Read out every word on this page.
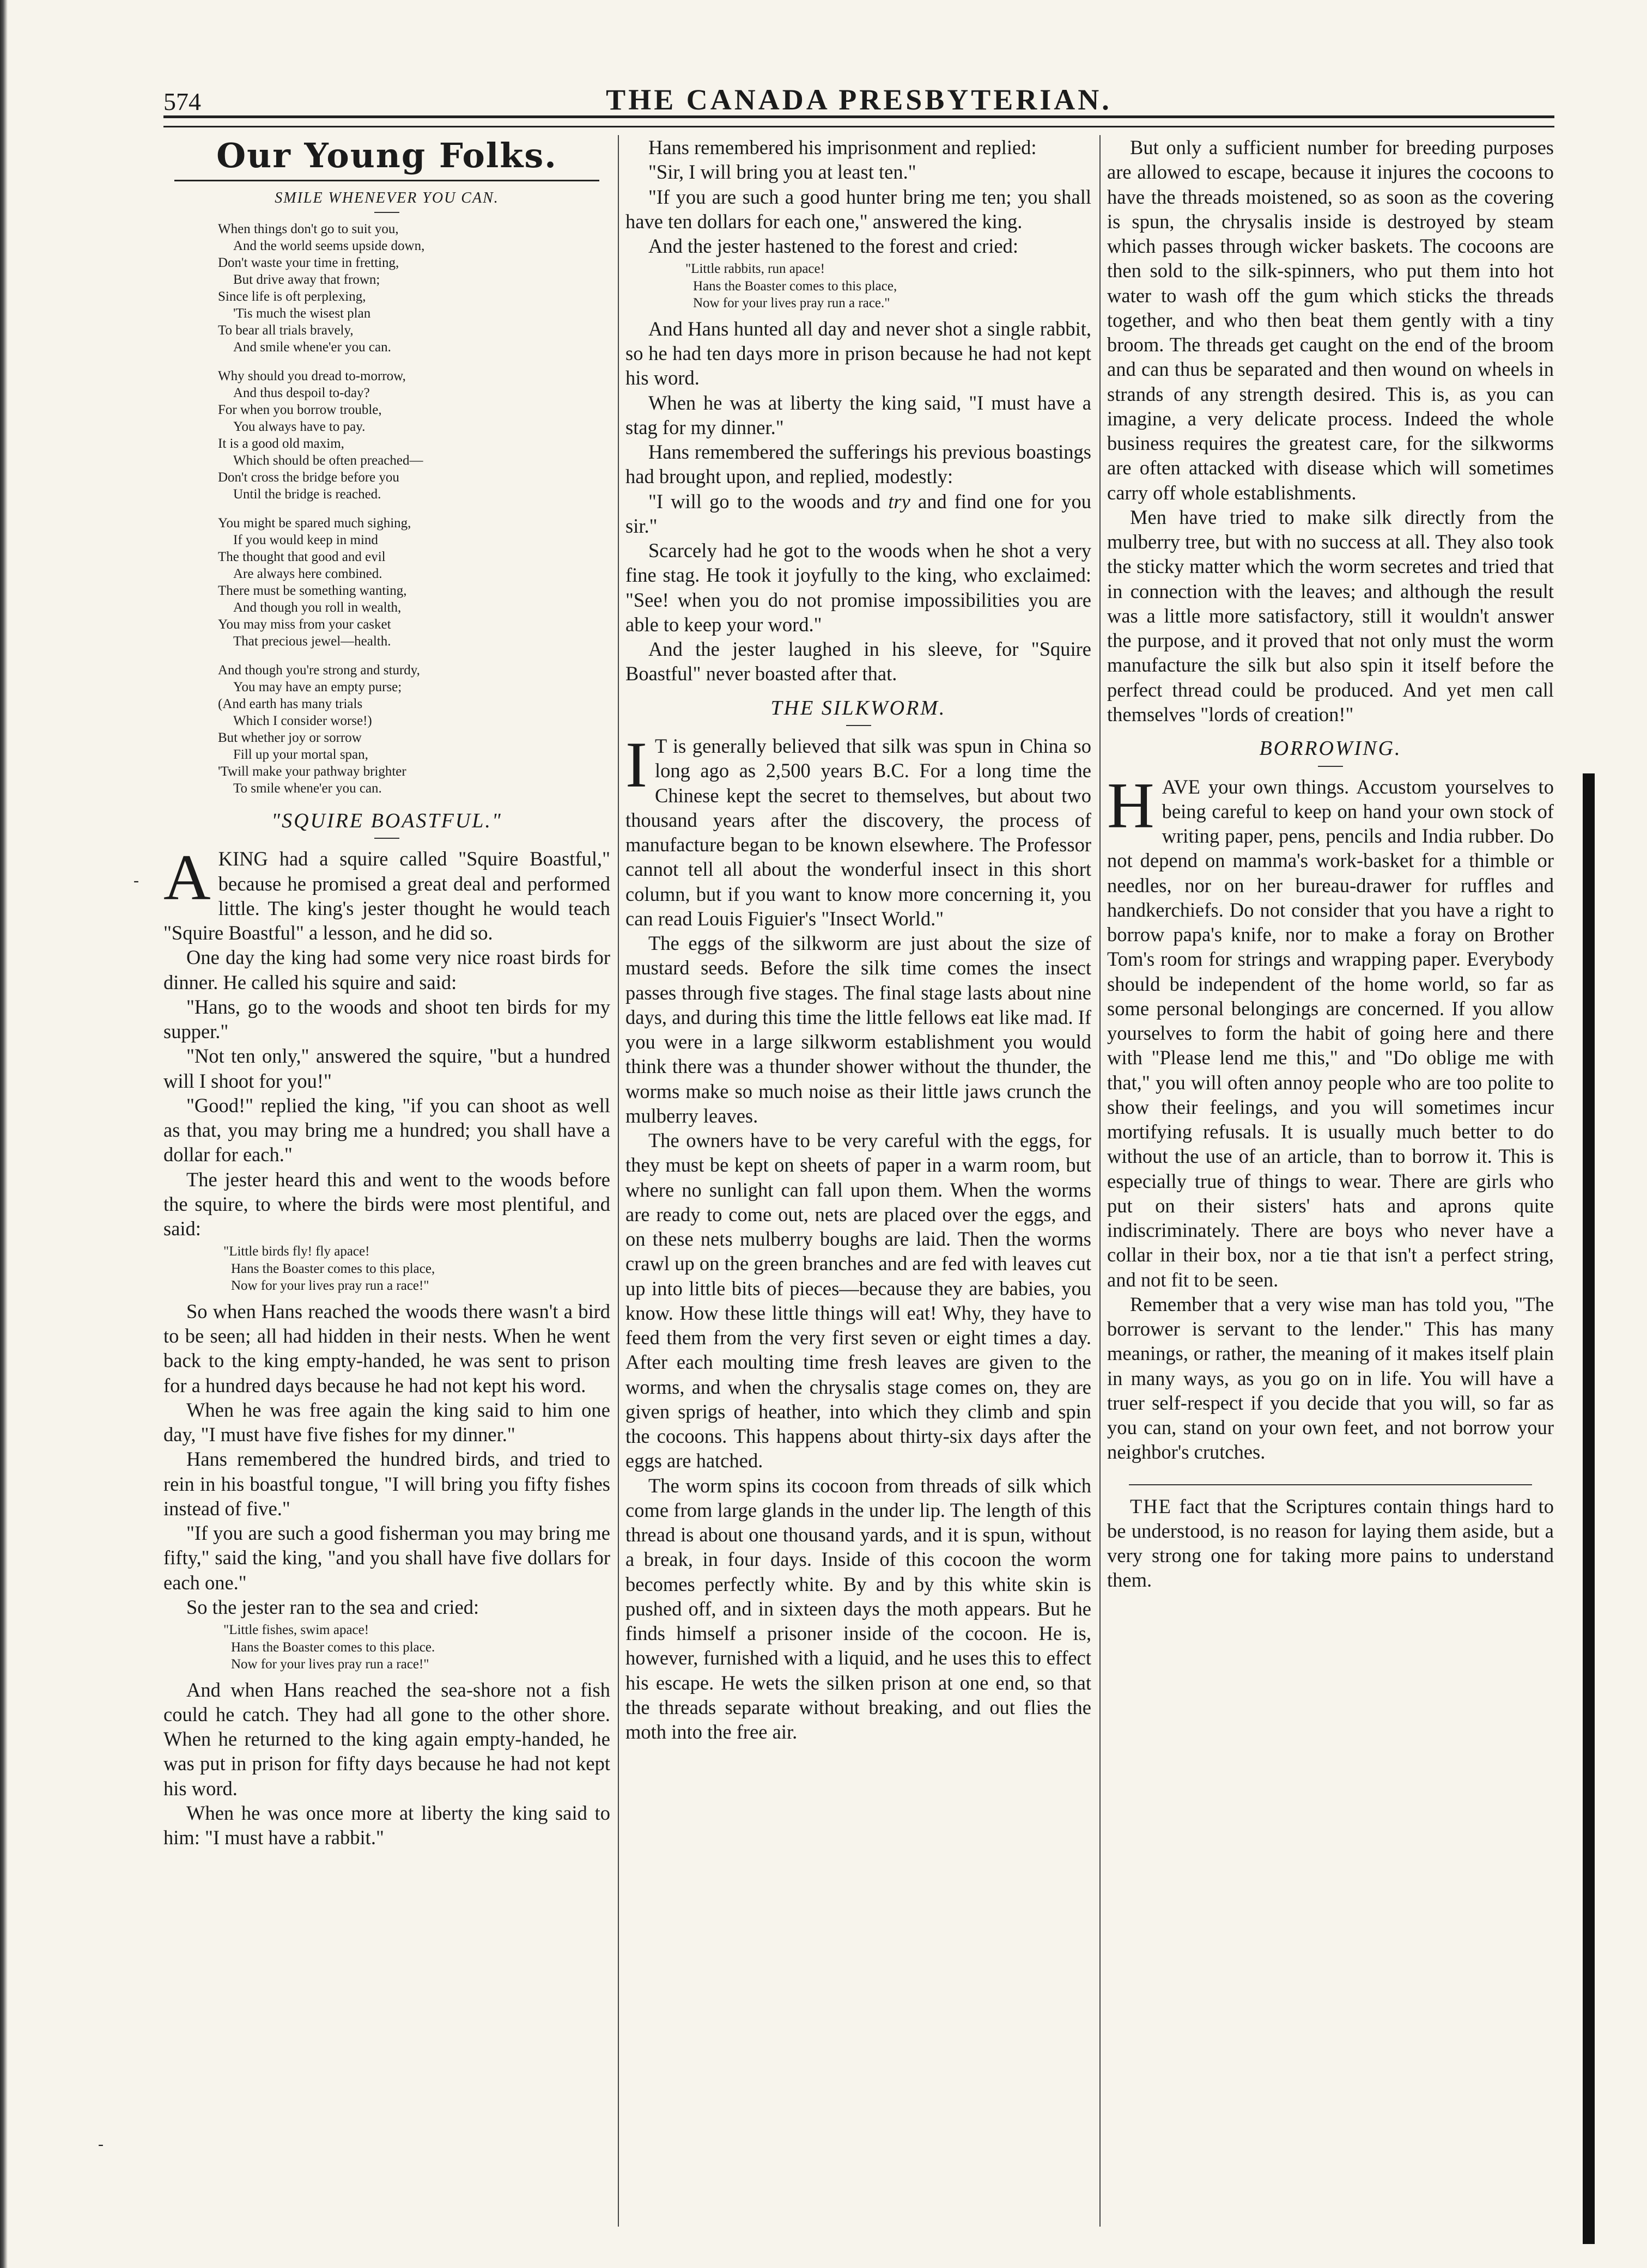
574	THE CANADA PRESBYTERIAN.
Our Young Folks.
SMILE WHENEVER YOU CAN.
When things don't go to suit you,
And the world seems upside down,
Don't waste your time in fretting,
But drive away that frown;
Since life is oft perplexing,
'Tis much the wisest plan
To bear all trials bravely,
And smile whene'er you can.
Why should you dread to-morrow,
And thus despoil to-day?
For when you borrow trouble,
You always have to pay.
It is a good old maxim,
Which should be often preached—
Don't cross the bridge before you
Until the bridge is reached.
You might be spared much sighing,
If you would keep in mind
The thought that good and evil
Are always here combined.
There must be something wanting,
And though you roll in wealth,
You may miss from your casket
That precious jewel—health.
And though you're strong and sturdy,
You may have an empty purse;
(And earth has many trials
Which I consider worse!)
But whether joy or sorrow
Fill up your mortal span,
'Twill make your pathway brighter
To smile whene'er you can.
"SQUIRE BOASTFUL."

AKING had a squire called "Squire Boastful," because he promised a great deal and performed little. The king's jester thought he would teach "Squire Boastful" a lesson, and he did so.

One day the king had some very nice roast birds for dinner. He called his squire and said:

"Hans, go to the woods and shoot ten birds for my supper."

"Not ten only," answered the squire, "but a hundred will I shoot for you!"

"Good!" replied the king, "if you can shoot as well as that, you may bring me a hundred; you shall have a dollar for each."

The jester heard this and went to the woods before the squire, to where the birds were most plentiful, and said:

"Little birds fly! fly apace!
Hans the Boaster comes to this place,
Now for your lives pray run a race!"

So when Hans reached the woods there wasn't a bird to be seen; all had hidden in their nests. When he went back to the king empty-handed, he was sent to prison for a hundred days because he had not kept his word.

When he was free again the king said to him one day, "I must have five fishes for my dinner."

Hans remembered the hundred birds, and tried to rein in his boastful tongue, "I will bring you fifty fishes instead of five."

"If you are such a good fisherman you may bring me fifty," said the king, "and you shall have five dollars for each one."

So the jester ran to the sea and cried:

"Little fishes, swim apace!
Hans the Boaster comes to this place.
Now for your lives pray run a race!"

And when Hans reached the sea-shore not a fish could he catch. They had all gone to the other shore. When he returned to the king again empty-handed, he was put in prison for fifty days because he had not kept his word.

When he was once more at liberty the king said to him: "I must have a rabbit."

Hans remembered his imprisonment and replied:

"Sir, I will bring you at least ten."

"If you are such a good hunter bring me ten; you shall have ten dollars for each one," answered the king.

And the jester hastened to the forest and cried:

"Little rabbits, run apace!
Hans the Boaster comes to this place,
Now for your lives pray run a race."

And Hans hunted all day and never shot a single rabbit, so he had ten days more in prison because he had not kept his word.

When he was at liberty the king said, "I must have a stag for my dinner."

Hans remembered the sufferings his previous boastings had brought upon, and replied, modestly:

"I will go to the woods and try and find one for you sir."

Scarcely had he got to the woods when he shot a very fine stag. He took it joyfully to the king, who exclaimed: "See! when you do not promise impossibilities you are able to keep your word."

And the jester laughed in his sleeve, for "Squire Boastful" never boasted after that.

THE SILKWORM.

I T is generally believed that silk was spun in China so long ago as 2,500 years B.C. For a long time the Chinese kept the secret to themselves, but about two thousand years after the discovery, the process of manufacture began to be known elsewhere. The Professor cannot tell all about the wonderful insect in this short column, but if you want to know more concerning it, you can read Louis Figuier's "Insect World."

The eggs of the silkworm are just about the size of mustard seeds. Before the silk time comes the insect passes through five stages. The final stage lasts about nine days, and during this time the little fellows eat like mad. If you were in a large silkworm establishment you would think there was a thunder shower without the thunder, the worms make so much noise as their little jaws crunch the mulberry leaves.

The owners have to be very careful with the eggs, for they must be kept on sheets of paper in a warm room, but where no sunlight can fall upon them. When the worms are ready to come out, nets are placed over the eggs, and on these nets mulberry boughs are laid. Then the worms crawl up on the green branches and are fed with leaves cut up into little bits of pieces—because they are babies, you know. How these little things will eat! Why, they have to feed them from the very first seven or eight times a day. After each moulting time fresh leaves are given to the worms, and when the chrysalis stage comes on, they are given sprigs of heather, into which they climb and spin the cocoons. This happens about thirty-six days after the eggs are hatched.

The worm spins its cocoon from threads of silk which come from large glands in the under lip. The length of this thread is about one thousand yards, and it is spun, without a break, in four days. Inside of this cocoon the worm becomes perfectly white. By and by this white skin is pushed off, and in sixteen days the moth appears. But he finds himself a prisoner inside of the cocoon. He is, however, furnished with a liquid, and he uses this to effect his escape. He wets the silken prison at one end, so that the threads separate without breaking, and out flies the moth into the free air.

But only a sufficient number for breeding purposes are allowed to escape, because it injures the cocoons to have the threads moistened, so as soon as the covering is spun, the chrysalis inside is destroyed by steam which passes through wicker baskets. The cocoons are then sold to the silk-spinners, who put them into hot water to wash off the gum which sticks the threads together, and who then beat them gently with a tiny broom. The threads get caught on the end of the broom and can thus be separated and then wound on wheels in strands of any strength desired. This is, as you can imagine, a very delicate process. Indeed the whole business requires the greatest care, for the silkworms are often attacked with disease which will sometimes carry off whole establishments.

Men have tried to make silk directly from the mulberry tree, but with no success at all. They also took the sticky matter which the worm secretes and tried that in connection with the leaves; and although the result was a little more satisfactory, still it wouldn't answer the purpose, and it proved that not only must the worm manufacture the silk but also spin it itself before the perfect thread could be produced. And yet men call themselves "lords of creation!"

BORROWING.

HAVE your own things. Accustom yourselves to being careful to keep on hand your own stock of writing paper, pens, pencils and India rubber. Do not depend on mamma's work-basket for a thimble or needles, nor on her bureau-drawer for ruffles and handkerchiefs. Do not consider that you have a right to borrow papa's knife, nor to make a foray on Brother Tom's room for strings and wrapping paper. Everybody should be independent of the home world, so far as some personal belongings are concerned. If you allow yourselves to form the habit of going here and there with "Please lend me this," and "Do oblige me with that," you will often annoy people who are too polite to show their feelings, and you will sometimes incur mortifying refusals. It is usually much better to do without the use of an article, than to borrow it. This is especially true of things to wear. There are girls who put on their sisters' hats and aprons quite indiscriminately. There are boys who never have a collar in their box, nor a tie that isn't a perfect string, and not fit to be seen.

Remember that a very wise man has told you, "The borrower is servant to the lender." This has many meanings, or rather, the meaning of it makes itself plain in many ways, as you go on in life. You will have a truer self-respect if you decide that you will, so far as you can, stand on your own feet, and not borrow your neighbor's crutches.

THE fact that the Scriptures contain things hard to be understood, is no reason for laying them aside, but a very strong one for taking more pains to understand them.

-
-
